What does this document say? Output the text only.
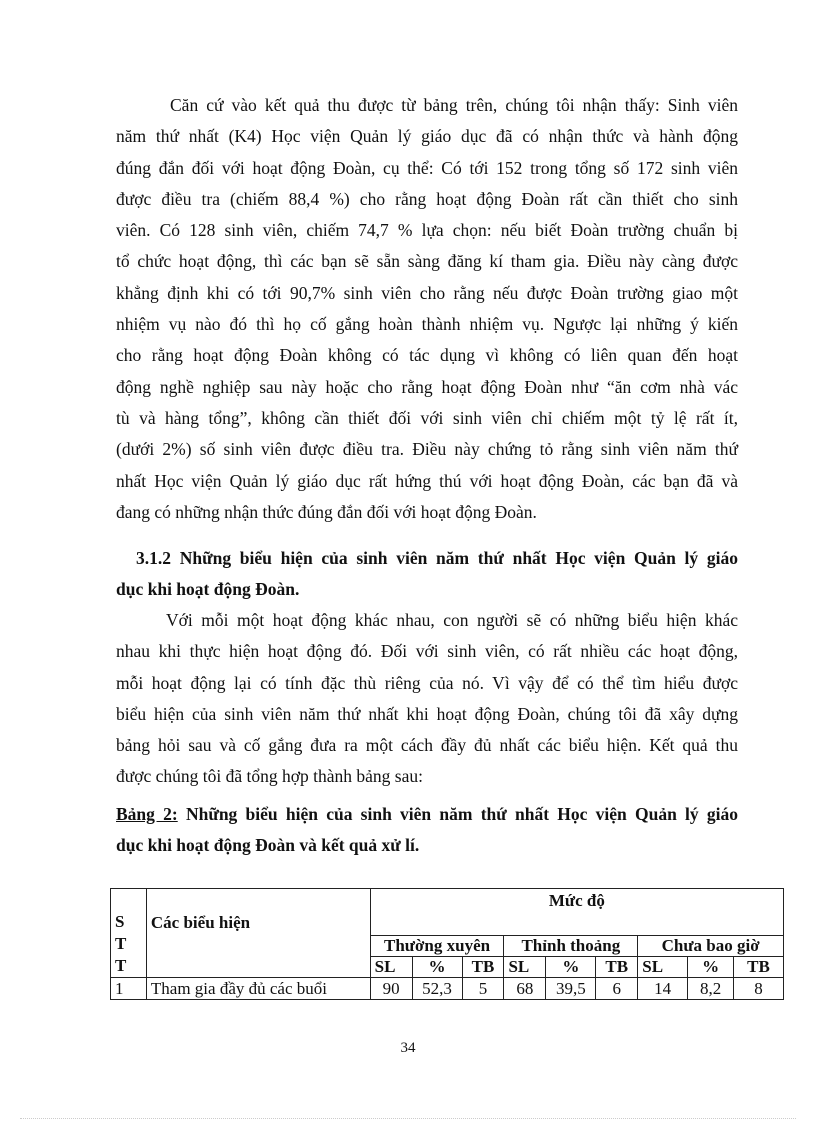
Căn cứ vào kết quả thu được từ bảng trên, chúng tôi nhận thấy: Sinh viên
năm thứ nhất (K4) Học viện Quản lý giáo dục đã có nhận thức và hành động
đúng đắn đối với hoạt động Đoàn, cụ thể: Có tới 152 trong tổng số 172 sinh viên
được điều tra (chiếm 88,4 %) cho rằng hoạt động Đoàn rất cần thiết cho sinh
viên. Có 128 sinh viên, chiếm 74,7 % lựa chọn: nếu biết Đoàn trường chuẩn bị
tổ chức hoạt động, thì các bạn sẽ sẵn sàng đăng kí tham gia. Điều này càng được
khẳng định khi có tới 90,7% sinh viên cho rằng nếu được Đoàn trường giao một
nhiệm vụ nào đó thì họ cố gắng hoàn thành nhiệm vụ. Ngược lại những ý kiến
cho rằng hoạt động Đoàn không có tác dụng vì không có liên quan đến hoạt
động nghề nghiệp sau này hoặc cho rằng hoạt động Đoàn như “ăn cơm nhà vác
tù và hàng tổng”, không cần thiết đối với sinh viên chỉ chiếm một tỷ lệ rất ít,
(dưới 2%) số sinh viên được điều tra. Điều này chứng tỏ rằng sinh viên năm thứ
nhất Học viện Quản lý giáo dục rất hứng thú với hoạt động Đoàn, các bạn đã và
đang có những nhận thức đúng đắn đối với hoạt động Đoàn.
3.1.2 Những biểu hiện của sinh viên năm thứ nhất Học viện Quản lý giáo
dục khi hoạt động Đoàn.
Với mỗi một hoạt động khác nhau, con người sẽ có những biểu hiện khác
nhau khi thực hiện hoạt động đó. Đối với sinh viên, có rất nhiều các hoạt động,
mỗi hoạt động lại có tính đặc thù riêng của nó. Vì vậy để có thể tìm hiểu được
biểu hiện của sinh viên năm thứ nhất khi hoạt động Đoàn, chúng tôi đã xây dựng
bảng hỏi sau và cố gắng đưa ra một cách đầy đủ nhất các biểu hiện. Kết quả thu
được chúng tôi đã tổng hợp thành bảng sau:
Bảng 2: Những biểu hiện của sinh viên năm thứ nhất Học viện Quản lý giáo
dục khi hoạt động Đoàn và kết quả xử lí.
S
T
T	Các biểu hiện	Mức độ								
		Thường xuyên			Thỉnh thoảng			Chưa bao giờ		
		SL	%	TB	SL	%	TB	SL	%	TB
1	Tham gia đầy đủ các buổi	90	52,3	5	68	39,5	6	14	8,2	8
34
